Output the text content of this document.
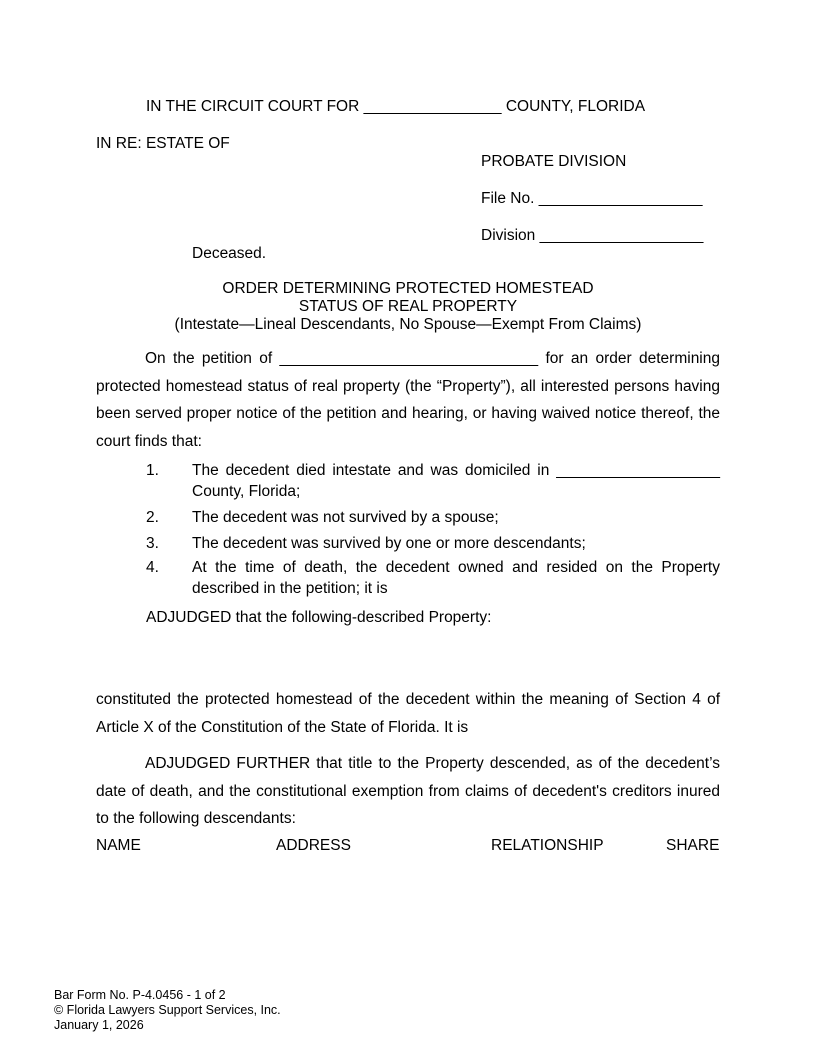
IN THE CIRCUIT COURT FOR ________________ COUNTY, FLORIDA
IN RE: ESTATE OF
PROBATE DIVISION
File No. ___________________
Division ___________________
Deceased.
ORDER DETERMINING PROTECTED HOMESTEAD
STATUS OF REAL PROPERTY
(Intestate—Lineal Descendants, No Spouse—Exempt From Claims)

On the petition of ______________________________ for an order determining protected homestead status of real property (the “Property”), all interested persons having been served proper notice of the petition and hearing, or having waived notice thereof, the court finds that:

1. The decedent died intestate and was domiciled in ___________________ County, Florida;
2. The decedent was not survived by a spouse;
3. The decedent was survived by one or more descendants;
4. At the time of death, the decedent owned and resided on the Property described in the petition; it is
ADJUDGED that the following-described Property:

constituted the protected homestead of the decedent within the meaning of Section 4 of Article X of the Constitution of the State of Florida. It is

ADJUDGED FURTHER that title to the Property descended, as of the decedent’s date of death, and the constitutional exemption from claims of decedent's creditors inured to the following descendants:

NAME	ADDRESS	RELATIONSHIP	SHARE
Bar Form No. P-4.0456 - 1 of 2
© Florida Lawyers Support Services, Inc.
January 1, 2026
